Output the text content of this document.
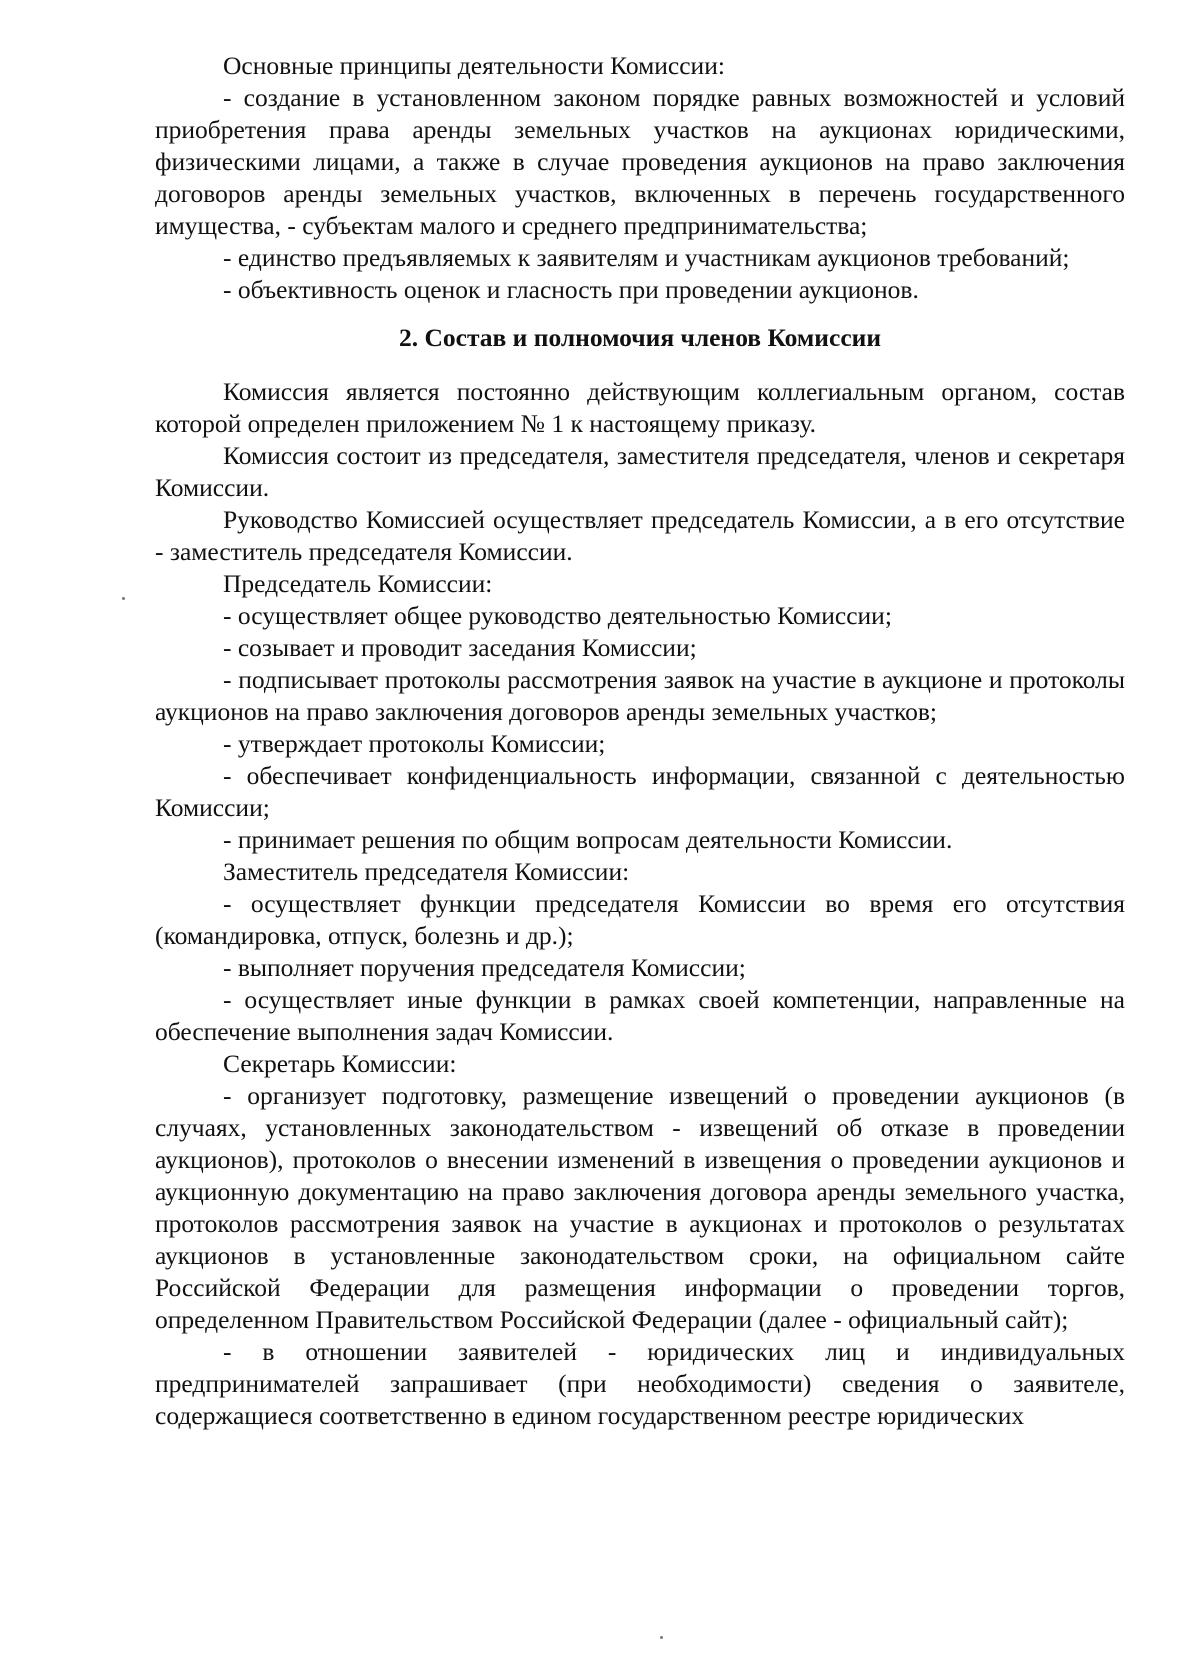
Основные принципы деятельности Комиссии:

- создание в установленном законом порядке равных возможностей и условий приобретения права аренды земельных участков на аукционах юридическими, физическими лицами, а также в случае проведения аукционов на право заключения договоров аренды земельных участков, включенных в перечень государственного имущества, - субъектам малого и среднего предпринимательства;

- единство предъявляемых к заявителям и участникам аукционов требований;

- объективность оценок и гласность при проведении аукционов.

2. Состав и полномочия членов Комиссии

Комиссия является постоянно действующим коллегиальным органом, состав которой определен приложением № 1 к настоящему приказу.

Комиссия состоит из председателя, заместителя председателя, членов и секретаря Комиссии.

Руководство Комиссией осуществляет председатель Комиссии, а в его отсутствие - заместитель председателя Комиссии.

Председатель Комиссии:

- осуществляет общее руководство деятельностью Комиссии;

- созывает и проводит заседания Комиссии;

- подписывает протоколы рассмотрения заявок на участие в аукционе и протоколы аукционов на право заключения договоров аренды земельных участков;

- утверждает протоколы Комиссии;

- обеспечивает конфиденциальность информации, связанной с деятельностью Комиссии;

- принимает решения по общим вопросам деятельности Комиссии.

Заместитель председателя Комиссии:

- осуществляет функции председателя Комиссии во время его отсутствия (командировка, отпуск, болезнь и др.);

- выполняет поручения председателя Комиссии;

- осуществляет иные функции в рамках своей компетенции, направленные на обеспечение выполнения задач Комиссии.

Секретарь Комиссии:

- организует подготовку, размещение извещений о проведении аукционов (в случаях, установленных законодательством - извещений об отказе в проведении аукционов), протоколов о внесении изменений в извещения о проведении аукционов и аукционную документацию на право заключения договора аренды земельного участка, протоколов рассмотрения заявок на участие в аукционах и протоколов о результатах аукционов в установленные законодательством сроки, на официальном сайте Российской Федерации для размещения информации о проведении торгов, определенном Правительством Российской Федерации (далее - официальный сайт);

- в отношении заявителей - юридических лиц и индивидуальных предпринимателей запрашивает (при необходимости) сведения о заявителе, содержащиеся соответственно в едином государственном реестре юридических
